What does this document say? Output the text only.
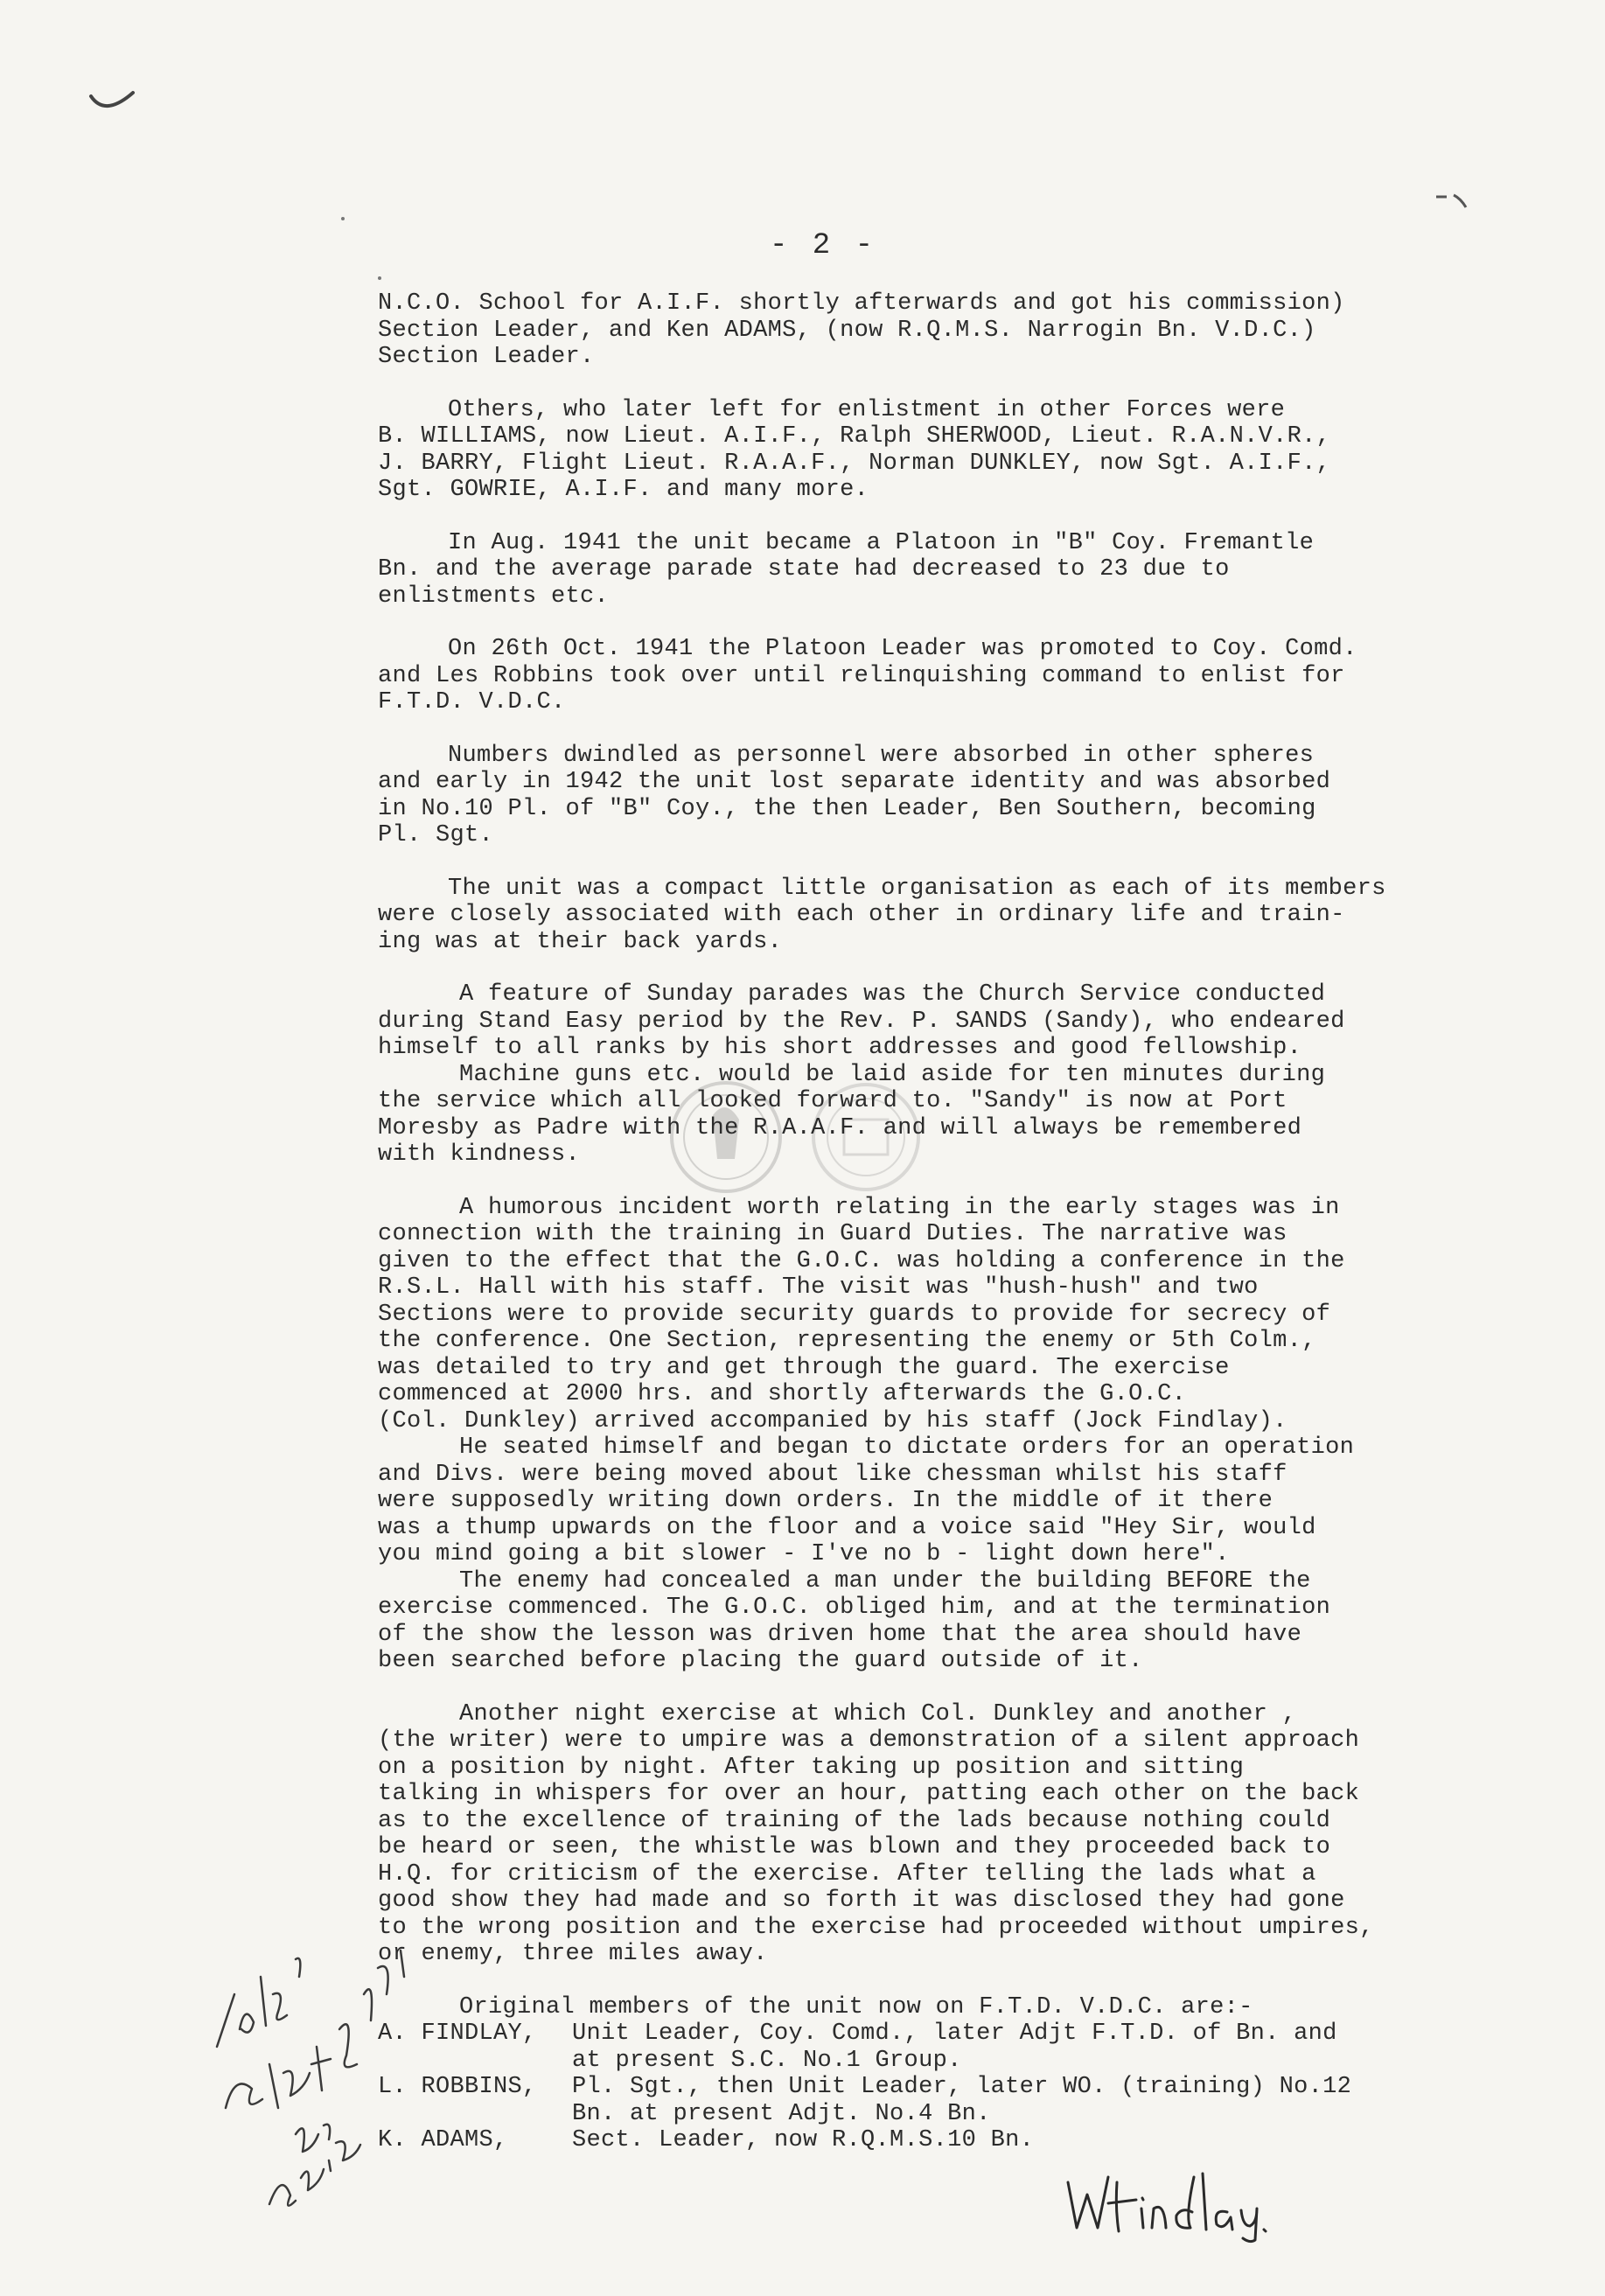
- 2 -
N.C.O. School for A.I.F. shortly afterwards and got his commission)
Section Leader, and Ken ADAMS, (now R.Q.M.S. Narrogin Bn. V.D.C.)
Section Leader.
Others, who later left for enlistment in other Forces were
B. WILLIAMS, now Lieut. A.I.F., Ralph SHERWOOD, Lieut. R.A.N.V.R.,
J. BARRY, Flight Lieut. R.A.A.F., Norman DUNKLEY, now Sgt. A.I.F.,
Sgt. GOWRIE, A.I.F. and many more.
In Aug. 1941 the unit became a Platoon in "B" Coy. Fremantle
Bn. and the average parade state had decreased to 23 due to
enlistments etc.
On 26th Oct. 1941 the Platoon Leader was promoted to Coy. Comd.
and Les Robbins took over until relinquishing command to enlist for
F.T.D. V.D.C.
Numbers dwindled as personnel were absorbed in other spheres
and early in 1942 the unit lost separate identity and was absorbed
in No.10 Pl. of "B" Coy., the then Leader, Ben Southern, becoming
Pl. Sgt.
The unit was a compact little organisation as each of its members
were closely associated with each other in ordinary life and train-
ing was at their back yards.
A feature of Sunday parades was the Church Service conducted
during Stand Easy period by the Rev. P. SANDS (Sandy), who endeared
himself to all ranks by his short addresses and good fellowship.
Machine guns etc. would be laid aside for ten minutes during
the service which all looked forward to. "Sandy" is now at Port
Moresby as Padre with the R.A.A.F. and will always be remembered
with kindness.
A humorous incident worth relating in the early stages was in
connection with the training in Guard Duties. The narrative was
given to the effect that the G.O.C. was holding a conference in the
R.S.L. Hall with his staff. The visit was "hush-hush" and two
Sections were to provide security guards to provide for secrecy of
the conference. One Section, representing the enemy or 5th Colm.,
was detailed to try and get through the guard. The exercise
commenced at 2000 hrs. and shortly afterwards the G.O.C.
(Col. Dunkley) arrived accompanied by his staff (Jock Findlay).
He seated himself and began to dictate orders for an operation
and Divs. were being moved about like chessman whilst his staff
were supposedly writing down orders. In the middle of it there
was a thump upwards on the floor and a voice said "Hey Sir, would
you mind going a bit slower - I've no b - light down here".
The enemy had concealed a man under the building BEFORE the
exercise commenced. The G.O.C. obliged him, and at the termination
of the show the lesson was driven home that the area should have
been searched before placing the guard outside of it.
Another night exercise at which Col. Dunkley and another ,
(the writer) were to umpire was a demonstration of a silent approach
on a position by night. After taking up position and sitting
talking in whispers for over an hour, patting each other on the back
as to the excellence of training of the lads because nothing could
be heard or seen, the whistle was blown and they proceeded back to
H.Q. for criticism of the exercise. After telling the lads what a
good show they had made and so forth it was disclosed they had gone
to the wrong position and the exercise had proceeded without umpires,
or enemy, three miles away.
Original members of the unit now on F.T.D. V.D.C. are:-
A. FINDLAY,	Unit Leader, Coy. Comd., later Adjt F.T.D. of Bn. and
at present S.C. No.1 Group.
L. ROBBINS,	Pl. Sgt., then Unit Leader, later WO. (training) No.12
Bn. at present Adjt. No.4 Bn.
K. ADAMS,	Sect. Leader, now R.Q.M.S.10 Bn.
